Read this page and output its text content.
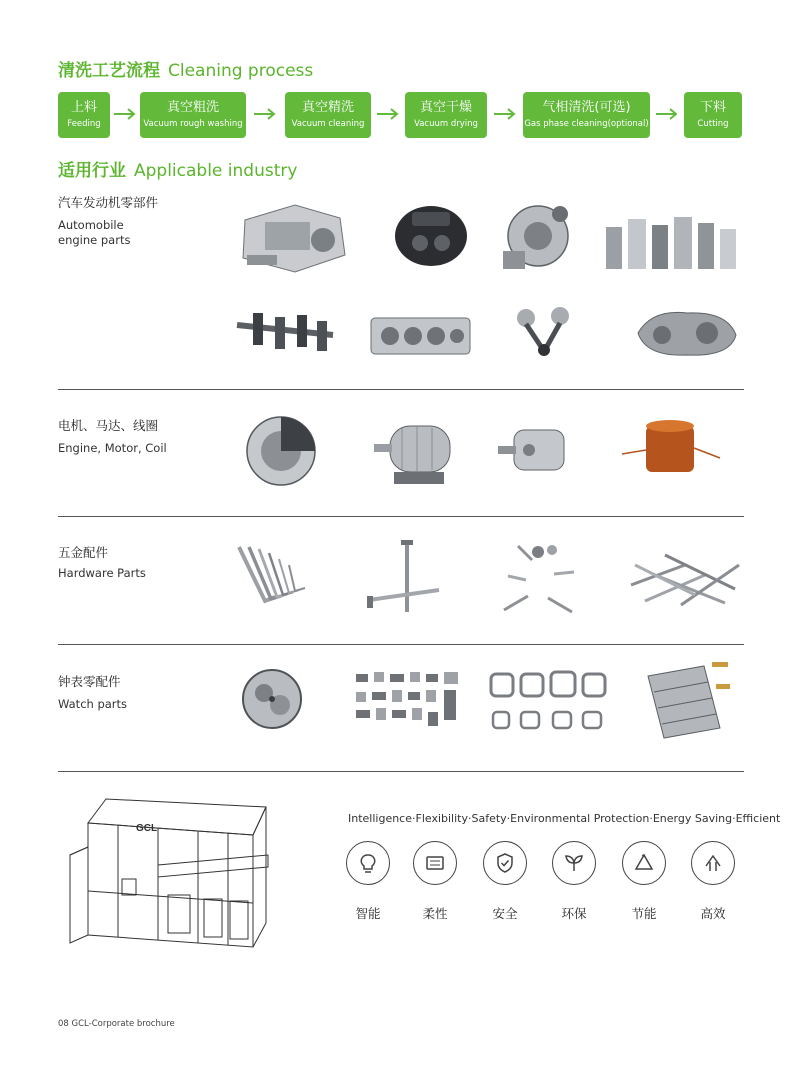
清洗工艺流程 Cleaning process
上料
Feeding
真空粗洗
Vacuum rough washing
真空精洗
Vacuum cleaning
真空干燥
Vacuum drying
气相清洗(可选)
Gas phase cleaning(optional)
下料
Cutting
适用行业 Applicable industry
汽车发动机零部件
Automobile
engine parts
电机、马达、线圈
Engine, Motor, Coil
五金配件
Hardware Parts
钟表零配件
Watch parts
GCL
Intelligence·Flexibility·Safety·Environmental Protection·Energy Saving·Efficient
智能	柔性	安全	环保	节能	高效
08 GCL-Corporate brochure
